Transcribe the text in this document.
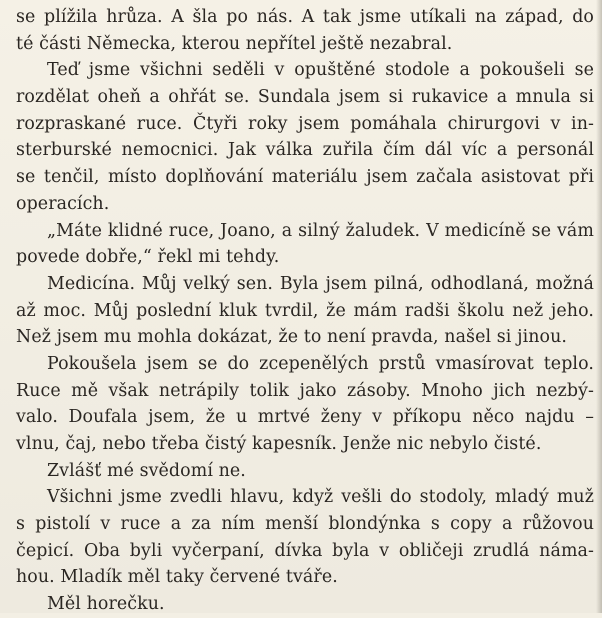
se plížila hrůza. A šla po nás. A tak jsme utíkali na západ, do
té části Německa, kterou nepřítel ještě nezabral.
Teď jsme všichni seděli v opuštěné stodole a pokoušeli se
rozdělat oheň a ohřát se. Sundala jsem si rukavice a mnula si
rozpraskané ruce. Čtyři roky jsem pomáhala chirurgovi v in-
sterburské nemocnici. Jak válka zuřila čím dál víc a personál
se tenčil, místo doplňování materiálu jsem začala asistovat při
operacích.
„Máte klidné ruce, Joano, a silný žaludek. V medicíně se vám
povede dobře,“ řekl mi tehdy.
Medicína. Můj velký sen. Byla jsem pilná, odhodlaná, možná
až moc. Můj poslední kluk tvrdil, že mám radši školu než jeho.
Než jsem mu mohla dokázat, že to není pravda, našel si jinou.
Pokoušela jsem se do zcepenělých prstů vmasírovat teplo.
Ruce mě však netrápily tolik jako zásoby. Mnoho jich nezbý-
valo. Doufala jsem, že u mrtvé ženy v příkopu něco najdu –
vlnu, čaj, nebo třeba čistý kapesník. Jenže nic nebylo čisté.
Zvlášť mé svědomí ne.
Všichni jsme zvedli hlavu, když vešli do stodoly, mladý muž
s pistolí v ruce a za ním menší blondýnka s copy a růžovou
čepicí. Oba byli vyčerpaní, dívka byla v obličeji zrudlá náma-
hou. Mladík měl taky červené tváře.
Měl horečku.
